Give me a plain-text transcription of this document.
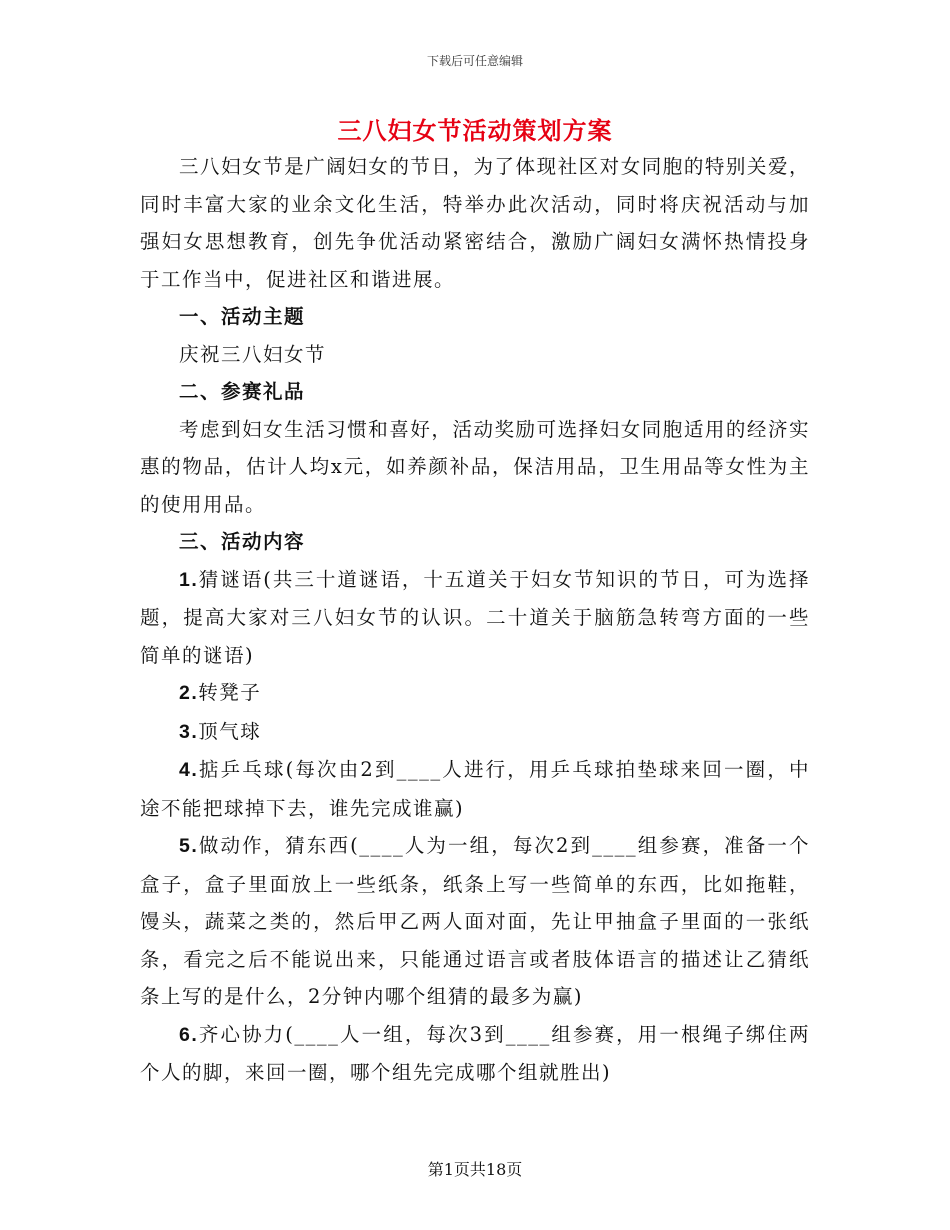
下载后可任意编辑
三八妇女节活动策划方案

三八妇女节是广阔妇女的节日，为了体现社区对女同胞的特别关爱，同时丰富大家的业余文化生活，特举办此次活动，同时将庆祝活动与加强妇女思想教育，创先争优活动紧密结合，激励广阔妇女满怀热情投身于工作当中，促进社区和谐进展。

一、活动主题

庆祝三八妇女节

二、参赛礼品

考虑到妇女生活习惯和喜好，活动奖励可选择妇女同胞适用的经济实惠的物品，估计人均x元，如养颜补品，保洁用品，卫生用品等女性为主的使用用品。

三、活动内容

1.猜谜语(共三十道谜语，十五道关于妇女节知识的节日，可为选择题，提高大家对三八妇女节的认识。二十道关于脑筋急转弯方面的一些简单的谜语)

2.转凳子

3.顶气球

4.掂乒乓球(每次由2到____人进行，用乒乓球拍垫球来回一圈，中途不能把球掉下去，谁先完成谁赢)

5.做动作，猜东西(____人为一组，每次2到____组参赛，准备一个盒子，盒子里面放上一些纸条，纸条上写一些简单的东西，比如拖鞋，馒头，蔬菜之类的，然后甲乙两人面对面，先让甲抽盒子里面的一张纸条，看完之后不能说出来，只能通过语言或者肢体语言的描述让乙猜纸条上写的是什么，2分钟内哪个组猜的最多为赢)

6.齐心协力(____人一组，每次3到____组参赛，用一根绳子绑住两个人的脚，来回一圈，哪个组先完成哪个组就胜出)

第1页共18页
